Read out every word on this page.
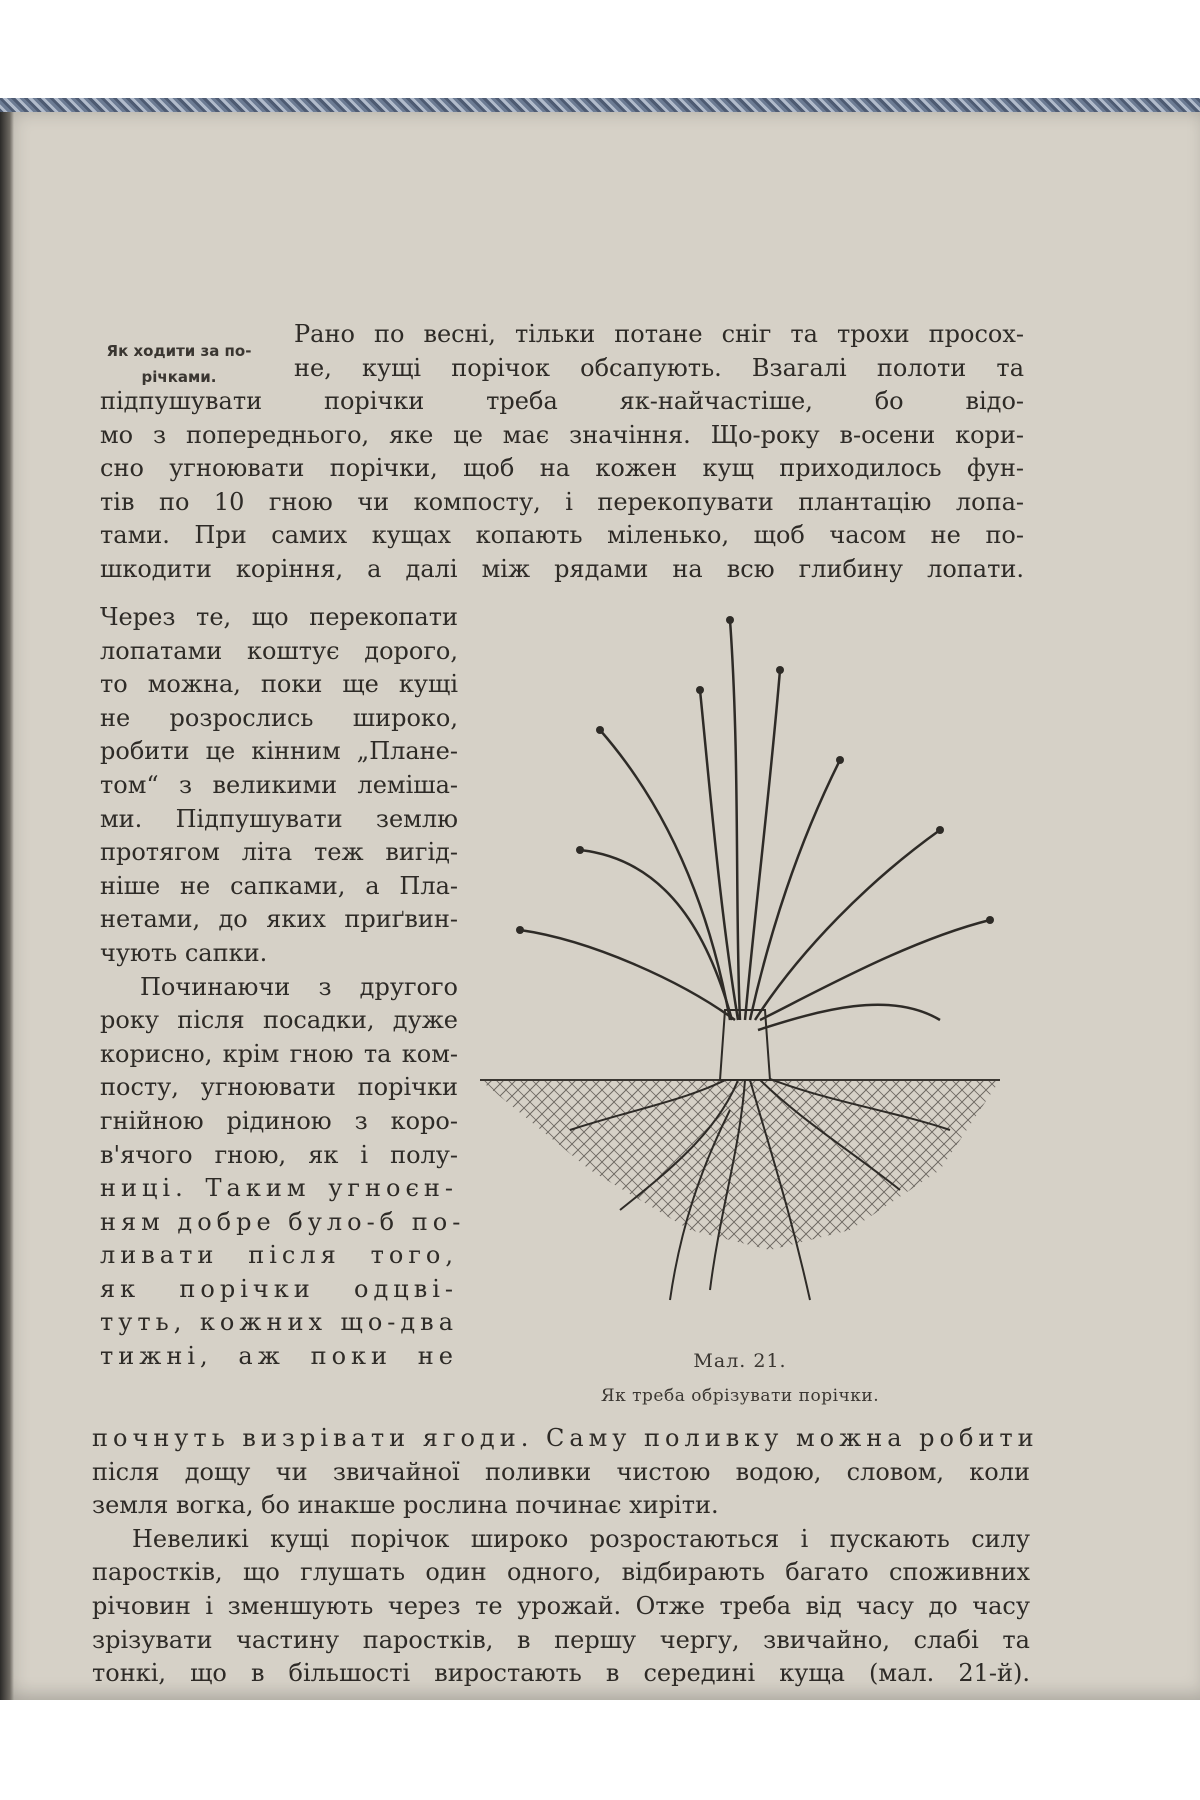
Як ходити за по-
річками.
Рано по весні, тільки потане сніг та трохи просох-
не, кущі порічок обсапують. Взагалі полоти та
підпушувати порічки треба як-найчастіше, бо відо-
мо з попереднього, яке це має значіння. Що-року в-осени кори-
сно угноювати порічки, щоб на кожен кущ приходилось фун-
тів по 10 гною чи компосту, і перекопувати плантацію лопа-
тами. При самих кущах копають міленько, щоб часом не по-
шкодити коріння, а далі між рядами на всю глибину лопати.
Через те, що перекопати
лопатами коштує дорого,
то можна, поки ще кущі
не розрослись широко,
робити це кінним „Плане-
том“ з великими леміша-
ми. Підпушувати землю
протягом літа теж вигід-
ніше не сапками, а Пла-
нетами, до яких приґвин-
чують сапки.
Починаючи з другого
року після посадки, дуже
корисно, крім гною та ком-
посту, угноювати порічки
гнійною рідиною з коро-
в'ячого гною, як і полу-
ниці. Таким угноєн-
ням добре було-б по-
ливати після того,
як порічки одцві-
туть, кожних що-два
тижні, аж поки не	Мал. 21.
Як треба обрізувати порічки.
почнуть визрівати ягоди. Саму поливку можна робити
після дощу чи звичайної поливки чистою водою, словом, коли
земля вогка, бо инакше рослина починає хиріти.
Невеликі кущі порічок широко розростаються і пускають силу
паростків, що глушать один одного, відбирають багато споживних
річовин і зменшують через те урожай. Отже треба від часу до часу
зрізувати частину паростків, в першу чергу, звичайно, слабі та
тонкі, що в більшості виростають в середині куща (мал. 21-й).
